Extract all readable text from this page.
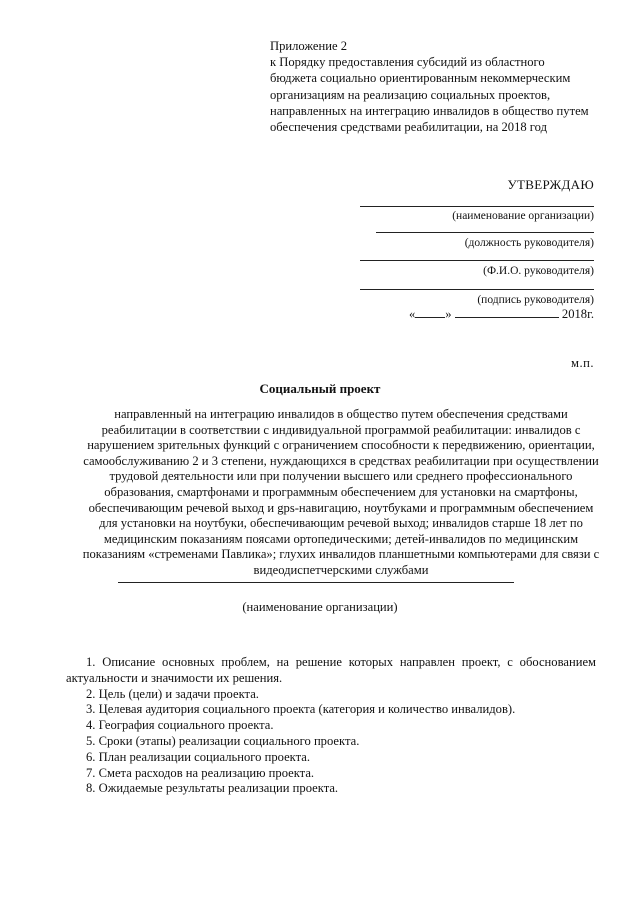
Приложение 2
к Порядку предоставления субсидий из областного
бюджета социально ориентированным некоммерческим
организациям на реализацию социальных проектов,
направленных на интеграцию инвалидов в общество путем
обеспечения средствами реабилитации, на 2018 год
УТВЕРЖДАЮ
(наименование организации)
(должность руководителя)
(Ф.И.О. руководителя)
(подпись руководителя)
« »	2018г.
м.п.
Социальный проект
направленный на интеграцию инвалидов в общество путем обеспечения средствами
реабилитации в соответствии с индивидуальной программой реабилитации: инвалидов с
нарушением зрительных функций с ограничением способности к передвижению, ориентации,
самообслуживанию 2 и 3 степени, нуждающихся в средствах реабилитации при осуществлении
трудовой деятельности или при получении высшего или среднего профессионального
образования, смартфонами и программным обеспечением для установки на смартфоны,
обеспечивающим речевой выход и gps-навигацию, ноутбуками и программным обеспечением
для установки на ноутбуки, обеспечивающим речевой выход; инвалидов старше 18 лет по
медицинским показаниям поясами ортопедическими; детей-инвалидов по медицинским
показаниям «стременами Павлика»; глухих инвалидов планшетными компьютерами для связи с
видеодиспетчерскими службами
(наименование организации)
1. Описание основных проблем, на решение которых направлен проект, с обоснованием актуальности и значимости их решения.
2. Цель (цели) и задачи проекта.
3. Целевая аудитория социального проекта (категория и количество инвалидов).
4. География социального проекта.
5. Сроки (этапы) реализации социального проекта.
6. План реализации социального проекта.
7. Смета расходов на реализацию проекта.
8. Ожидаемые результаты реализации проекта.
